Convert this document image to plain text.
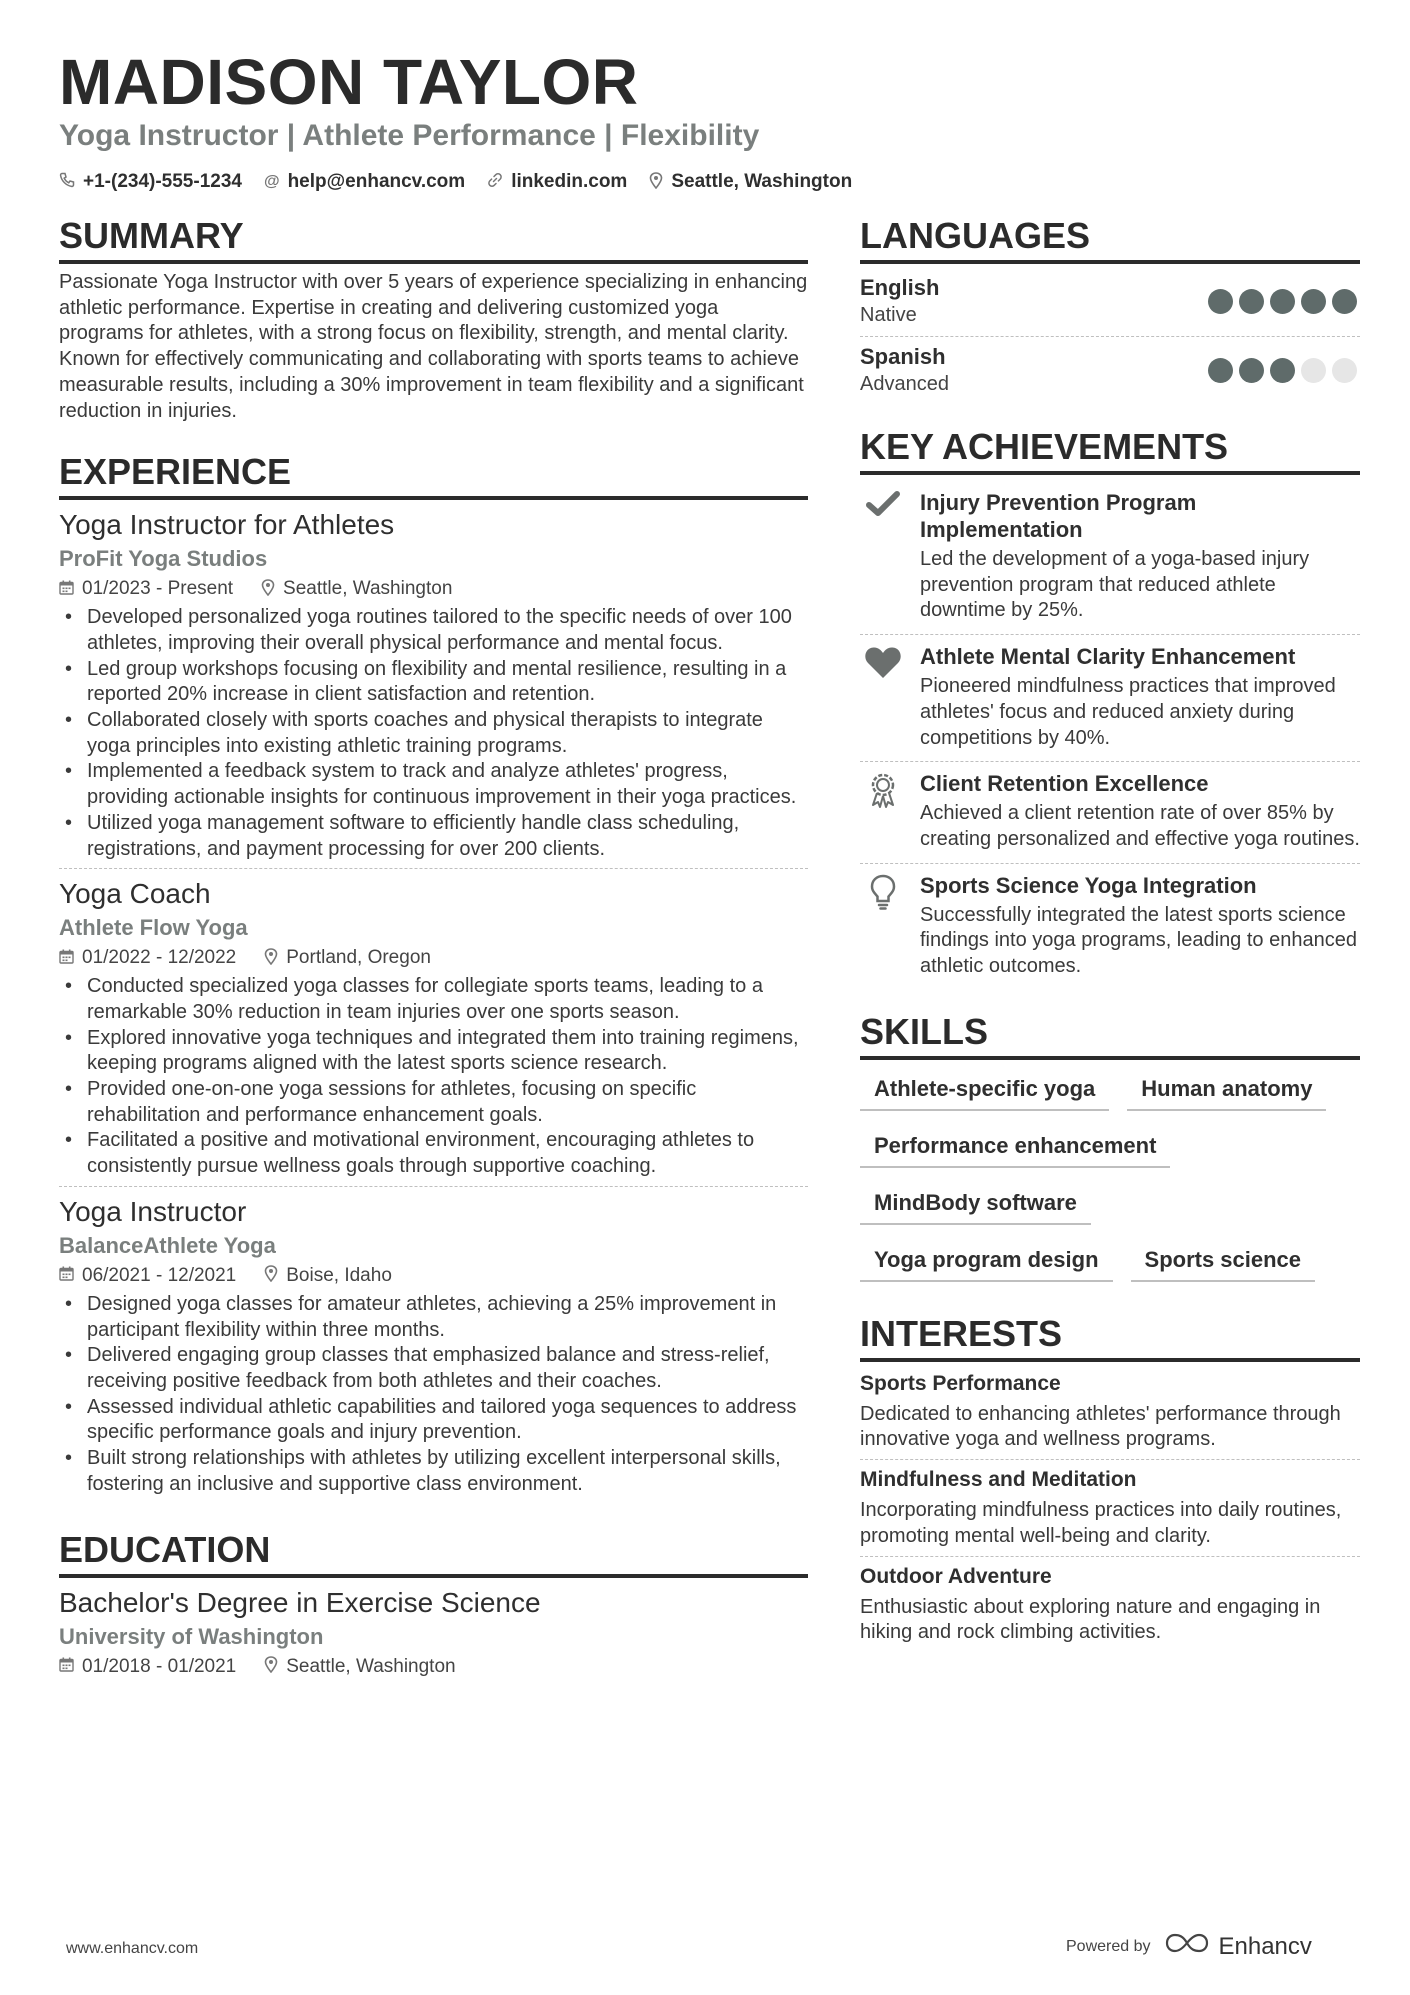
MADISON TAYLOR
Yoga Instructor | Athlete Performance | Flexibility
+1-(234)-555-1234 @ help@enhancv.com linkedin.com Seattle, Washington
SUMMARY
Passionate Yoga Instructor with over 5 years of experience specializing in enhancing athletic performance. Expertise in creating and delivering customized yoga programs for athletes, with a strong focus on flexibility, strength, and mental clarity. Known for effectively communicating and collaborating with sports teams to achieve measurable results, including a 30% improvement in team flexibility and a significant reduction in injuries.
EXPERIENCE
Yoga Instructor for Athletes
ProFit Yoga Studios
01/2023 - Present	Seattle, Washington
• Developed personalized yoga routines tailored to the specific needs of over 100 athletes, improving their overall physical performance and mental focus.
• Led group workshops focusing on flexibility and mental resilience, resulting in a reported 20% increase in client satisfaction and retention.
• Collaborated closely with sports coaches and physical therapists to integrate yoga principles into existing athletic training programs.
• Implemented a feedback system to track and analyze athletes' progress, providing actionable insights for continuous improvement in their yoga practices.
• Utilized yoga management software to efficiently handle class scheduling, registrations, and payment processing for over 200 clients.
Yoga Coach
Athlete Flow Yoga
01/2022 - 12/2022	Portland, Oregon
• Conducted specialized yoga classes for collegiate sports teams, leading to a remarkable 30% reduction in team injuries over one sports season.
• Explored innovative yoga techniques and integrated them into training regimens, keeping programs aligned with the latest sports science research.
• Provided one-on-one yoga sessions for athletes, focusing on specific rehabilitation and performance enhancement goals.
• Facilitated a positive and motivational environment, encouraging athletes to consistently pursue wellness goals through supportive coaching.
Yoga Instructor
BalanceAthlete Yoga
06/2021 - 12/2021	Boise, Idaho
• Designed yoga classes for amateur athletes, achieving a 25% improvement in participant flexibility within three months.
• Delivered engaging group classes that emphasized balance and stress-relief, receiving positive feedback from both athletes and their coaches.
• Assessed individual athletic capabilities and tailored yoga sequences to address specific performance goals and injury prevention.
• Built strong relationships with athletes by utilizing excellent interpersonal skills, fostering an inclusive and supportive class environment.
EDUCATION
Bachelor's Degree in Exercise Science
University of Washington
01/2018 - 01/2021	Seattle, Washington
LANGUAGES
English
Native
Spanish
Advanced
KEY ACHIEVEMENTS
Injury Prevention Program Implementation
Led the development of a yoga-based injury prevention program that reduced athlete downtime by 25%.
Athlete Mental Clarity Enhancement
Pioneered mindfulness practices that improved athletes' focus and reduced anxiety during competitions by 40%.
Client Retention Excellence
Achieved a client retention rate of over 85% by creating personalized and effective yoga routines.
Sports Science Yoga Integration
Successfully integrated the latest sports science findings into yoga programs, leading to enhanced athletic outcomes.
SKILLS
Athlete-specific yoga	Human anatomy
Performance enhancement
MindBody software
Yoga program design	Sports science
INTERESTS
Sports Performance
Dedicated to enhancing athletes' performance through innovative yoga and wellness programs.
Mindfulness and Meditation
Incorporating mindfulness practices into daily routines, promoting mental well-being and clarity.
Outdoor Adventure
Enthusiastic about exploring nature and engaging in hiking and rock climbing activities.
www.enhancv.com	Powered by	Enhancv
